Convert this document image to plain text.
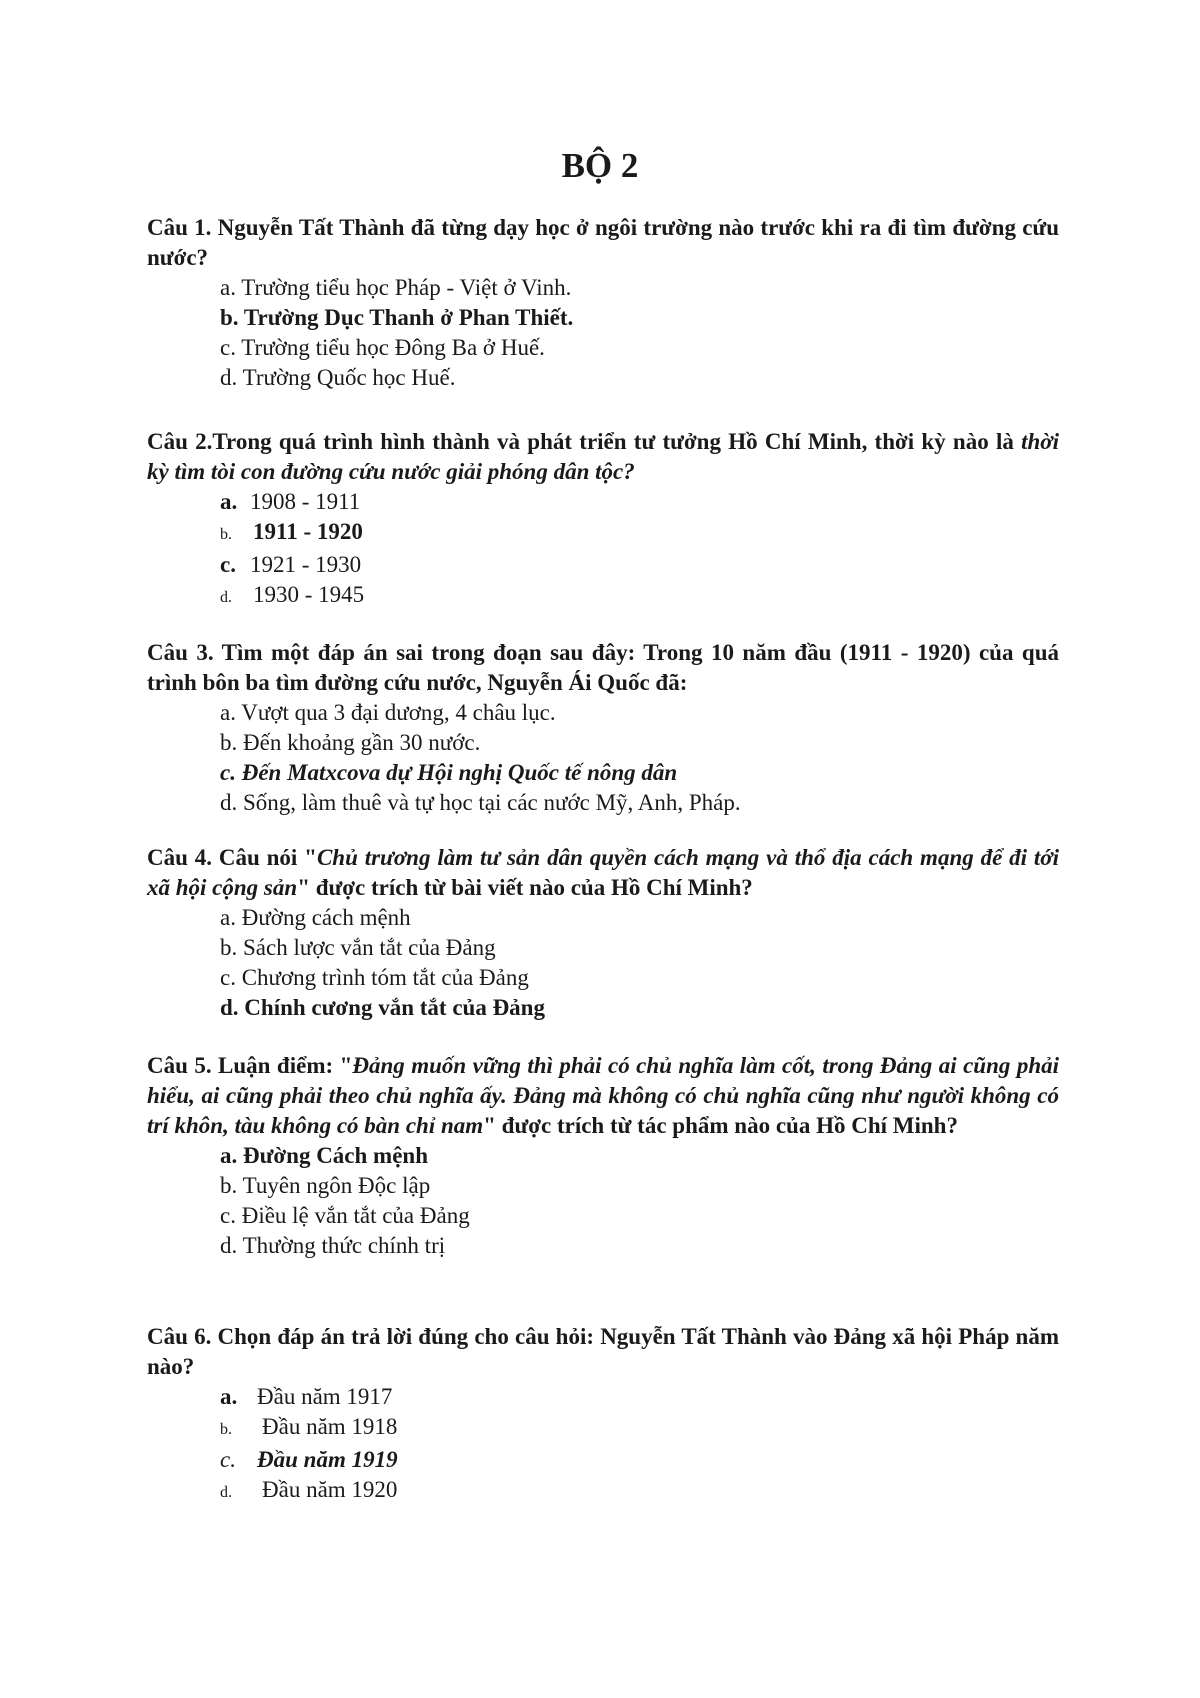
BỘ 2

Câu 1. Nguyễn Tất Thành đã từng dạy học ở ngôi trường nào trước khi ra đi tìm đường cứu nước?

a. Trường tiểu học Pháp - Việt ở Vinh.
b. Trường Dục Thanh ở Phan Thiết.
c. Trường tiểu học Đông Ba ở Huế.
d. Trường Quốc học Huế.

Câu 2.Trong quá trình hình thành và phát triển tư tưởng Hồ Chí Minh, thời kỳ nào là thời kỳ tìm tòi con đường cứu nước giải phóng dân tộc?

a. 1908 - 1911
b. 1911 - 1920
c. 1921 - 1930
d. 1930 - 1945

Câu 3. Tìm một đáp án sai trong đoạn sau đây: Trong 10 năm đầu (1911 - 1920) của quá trình bôn ba tìm đường cứu nước, Nguyễn Ái Quốc đã:

a. Vượt qua 3 đại dương, 4 châu lục.
b. Đến khoảng gần 30 nước.
c. Đến Matxcova dự Hội nghị Quốc tế nông dân
d. Sống, làm thuê và tự học tại các nước Mỹ, Anh, Pháp.

Câu 4. Câu nói "Chủ trương làm tư sản dân quyền cách mạng và thổ địa cách mạng để đi tới xã hội cộng sản" được trích từ bài viết nào của Hồ Chí Minh?

a. Đường cách mệnh
b. Sách lược vắn tắt của Đảng
c. Chương trình tóm tắt của Đảng
d. Chính cương vắn tắt của Đảng

Câu 5. Luận điểm: "Đảng muốn vững thì phải có chủ nghĩa làm cốt, trong Đảng ai cũng phải hiểu, ai cũng phải theo chủ nghĩa ấy. Đảng mà không có chủ nghĩa cũng như người không có trí khôn, tàu không có bàn chỉ nam" được trích từ tác phẩm nào của Hồ Chí Minh?

a. Đường Cách mệnh
b. Tuyên ngôn Độc lập
c. Điều lệ vắn tắt của Đảng
d. Thường thức chính trị

Câu 6. Chọn đáp án trả lời đúng cho câu hỏi: Nguyễn Tất Thành vào Đảng xã hội Pháp năm nào?

a. Đầu năm 1917
b. Đầu năm 1918
c. Đầu năm 1919
d. Đầu năm 1920
